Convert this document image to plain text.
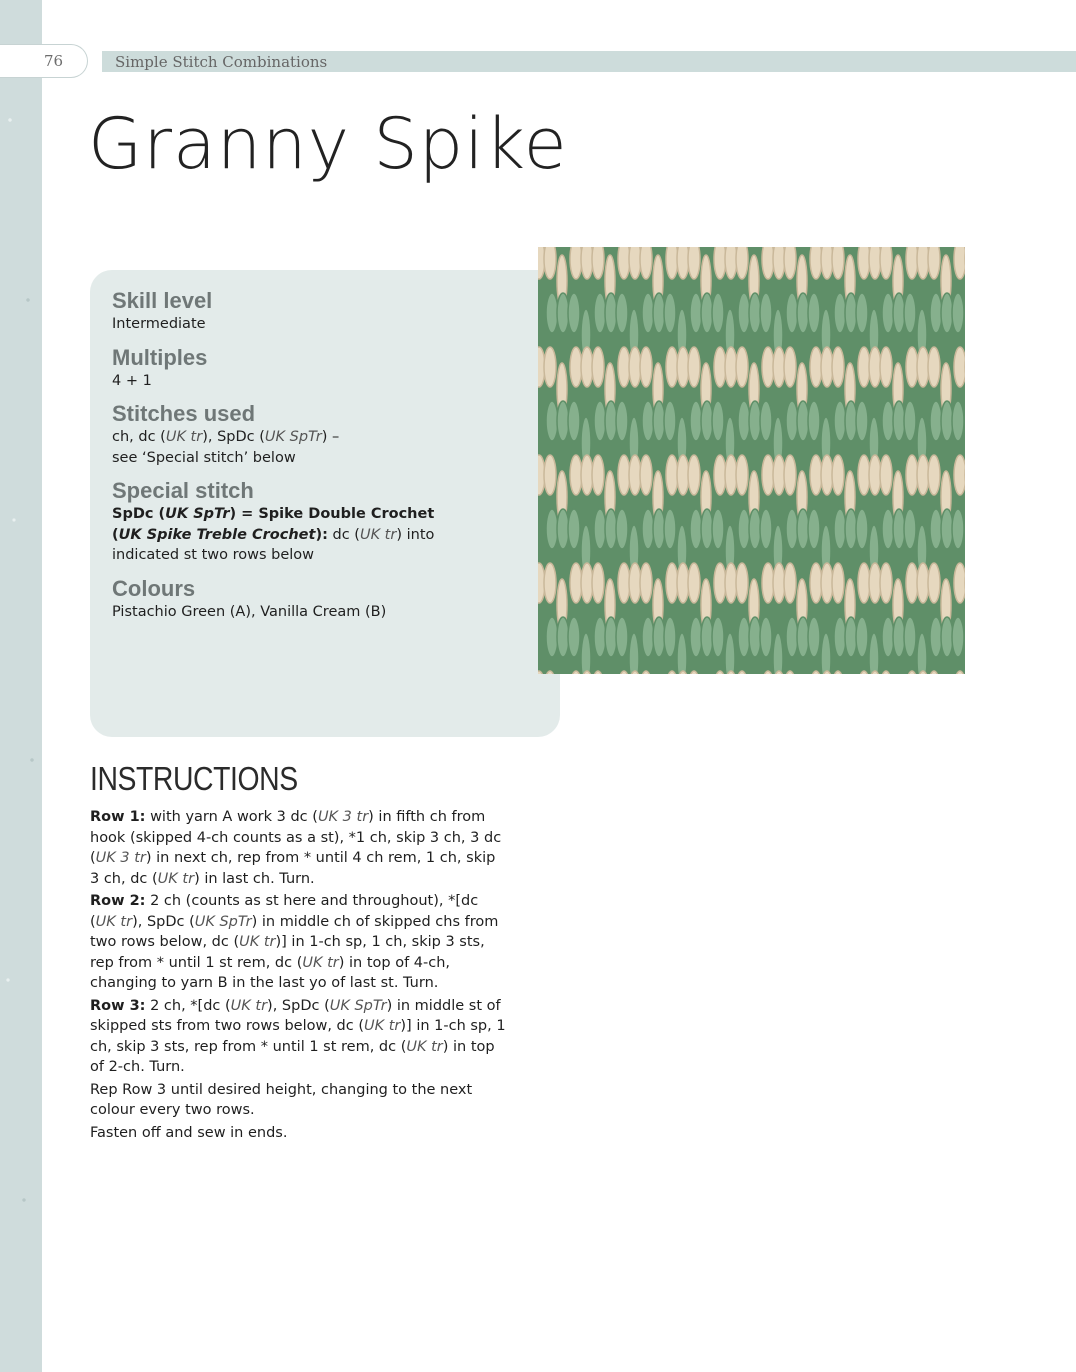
76	Simple Stitch Combinations
Granny Spike

Skill level

Intermediate

Multiples

4 + 1

Stitches used

ch, dc (UK tr), SpDc (UK SpTr) –
see ‘Special stitch’ below

Special stitch

SpDc (UK SpTr) = Spike Double Crochet
(UK Spike Treble Crochet): dc (UK tr) into
indicated st two rows below

Colours

Pistachio Green (A), Vanilla Cream (B)

INSTRUCTIONS

Row 1: with yarn A work 3 dc (UK 3 tr) in fifth ch from hook (skipped 4-ch counts as a st), *1 ch, skip 3 ch, 3 dc (UK 3 tr) in next ch, rep from * until 4 ch rem, 1 ch, skip 3 ch, dc (UK tr) in last ch. Turn.

Row 2: 2 ch (counts as st here and throughout), *[dc (UK tr), SpDc (UK SpTr) in middle ch of skipped chs from two rows below, dc (UK tr)] in 1-ch sp, 1 ch, skip 3 sts, rep from * until 1 st rem, dc (UK tr) in top of 4-ch, changing to yarn B in the last yo of last st. Turn.

Row 3: 2 ch, *[dc (UK tr), SpDc (UK SpTr) in middle st of skipped sts from two rows below, dc (UK tr)] in 1-ch sp, 1 ch, skip 3 sts, rep from * until 1 st rem, dc (UK tr) in top of 2-ch. Turn.

Rep Row 3 until desired height, changing to the next colour every two rows.

Fasten off and sew in ends.
